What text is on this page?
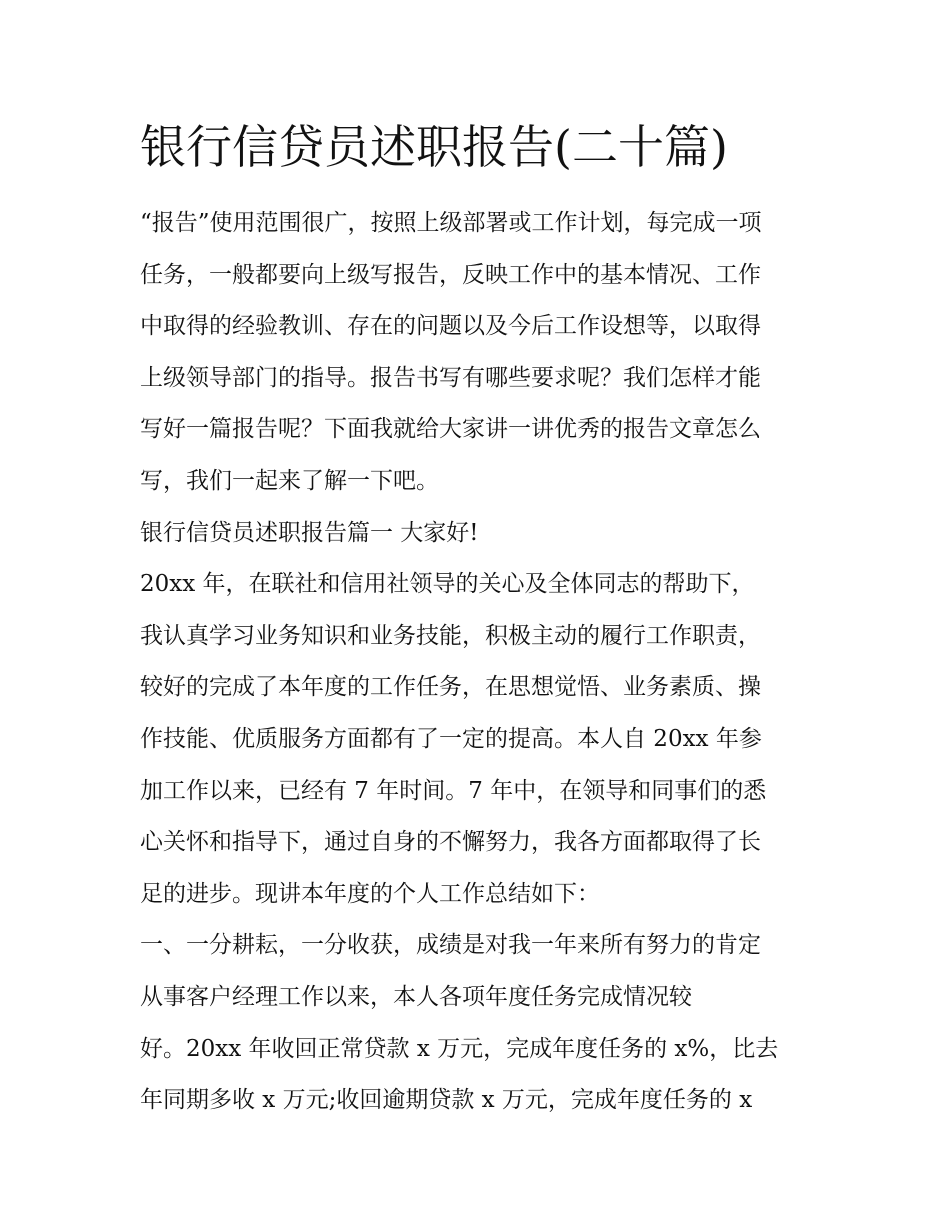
银行信贷员述职报告(二十篇)
“报告”使用范围很广，按照上级部署或工作计划，每完成一项
任务，一般都要向上级写报告，反映工作中的基本情况、工作
中取得的经验教训、存在的问题以及今后工作设想等，以取得
上级领导部门的指导。报告书写有哪些要求呢？我们怎样才能
写好一篇报告呢？下面我就给大家讲一讲优秀的报告文章怎么
写，我们一起来了解一下吧。
银行信贷员述职报告篇一 大家好!
20xx 年，在联社和信用社领导的关心及全体同志的帮助下，
我认真学习业务知识和业务技能，积极主动的履行工作职责，
较好的完成了本年度的工作任务，在思想觉悟、业务素质、操
作技能、优质服务方面都有了一定的提高。本人自 20xx 年参
加工作以来，已经有 7 年时间。7 年中，在领导和同事们的悉
心关怀和指导下，通过自身的不懈努力，我各方面都取得了长
足的进步。现讲本年度的个人工作总结如下：
一、一分耕耘，一分收获，成绩是对我一年来所有努力的肯定
从事客户经理工作以来，本人各项年度任务完成情况较
好。20xx 年收回正常贷款 x 万元，完成年度任务的 x%，比去
年同期多收 x 万元;收回逾期贷款 x 万元，完成年度任务的 x
